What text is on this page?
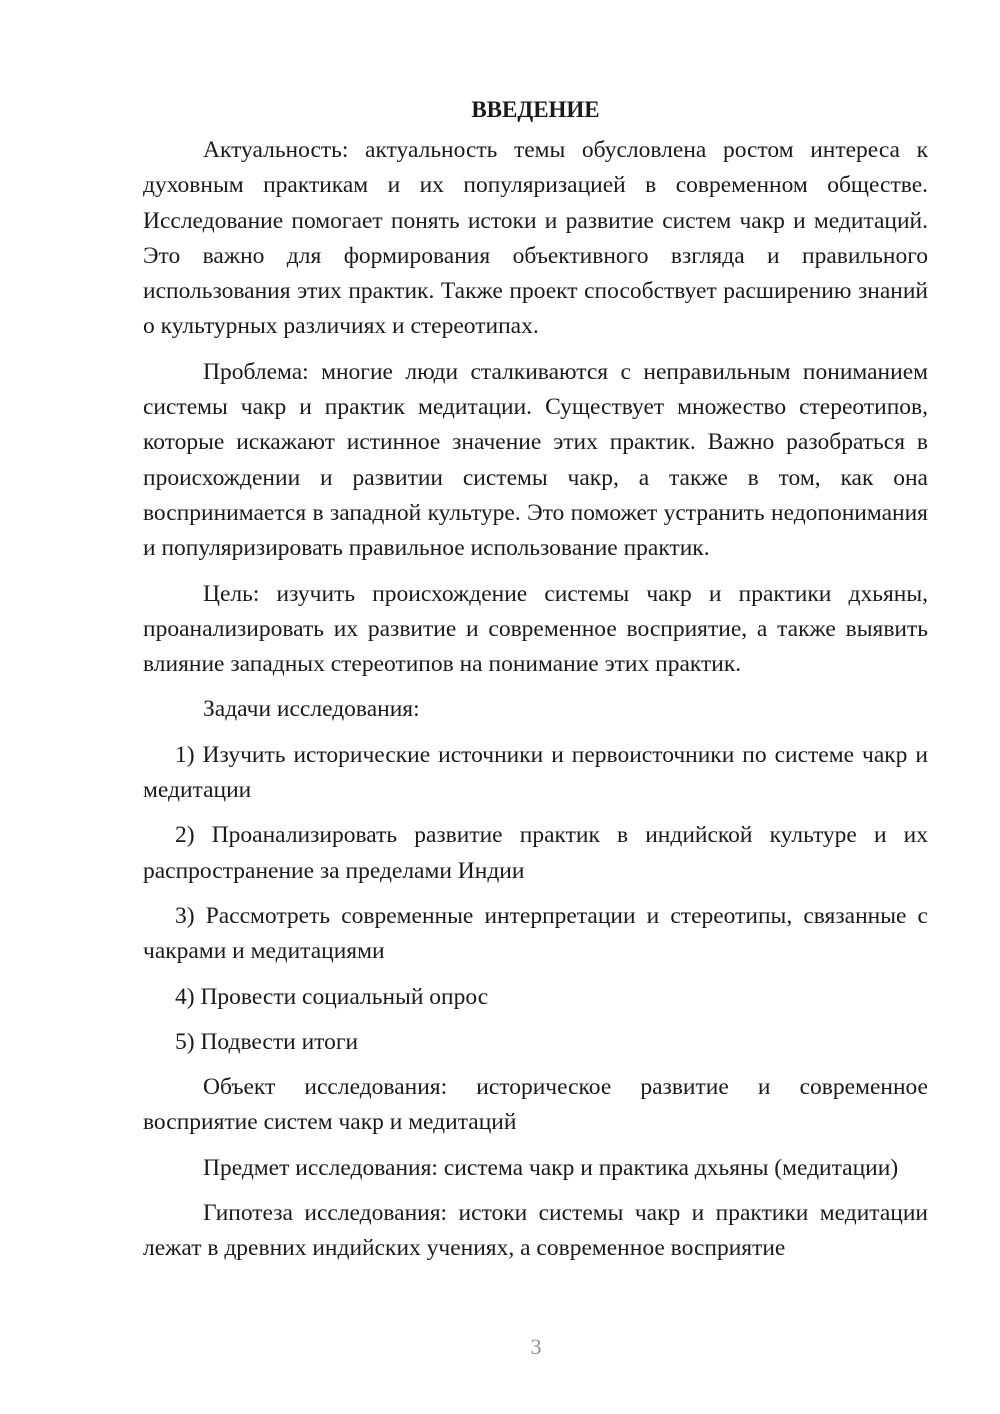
ВВЕДЕНИЕ

Актуальность: актуальность темы обусловлена ростом интереса к духовным практикам и их популяризацией в современном обществе. Исследование помогает понять истоки и развитие систем чакр и медитаций. Это важно для формирования объективного взгляда и правильного использования этих практик. Также проект способствует расширению знаний о культурных различиях и стереотипах.

Проблема: многие люди сталкиваются с неправильным пониманием системы чакр и практик медитации. Существует множество стереотипов, которые искажают истинное значение этих практик. Важно разобраться в происхождении и развитии системы чакр, а также в том, как она воспринимается в западной культуре. Это поможет устранить недопонимания и популяризировать правильное использование практик.

Цель: изучить происхождение системы чакр и практики дхьяны, проанализировать их развитие и современное восприятие, а также выявить влияние западных стереотипов на понимание этих практик.

Задачи исследования:

1) Изучить исторические источники и первоисточники по системе чакр и медитации

2) Проанализировать развитие практик в индийской культуре и их распространение за пределами Индии

3) Рассмотреть современные интерпретации и стереотипы, связанные с чакрами и медитациями

4) Провести социальный опрос

5) Подвести итоги

Объект исследования: историческое развитие и современное восприятие систем чакр и медитаций

Предмет исследования: система чакр и практика дхьяны (медитации)

Гипотеза исследования: истоки системы чакр и практики медитации лежат в древних индийских учениях, а современное восприятие

3
